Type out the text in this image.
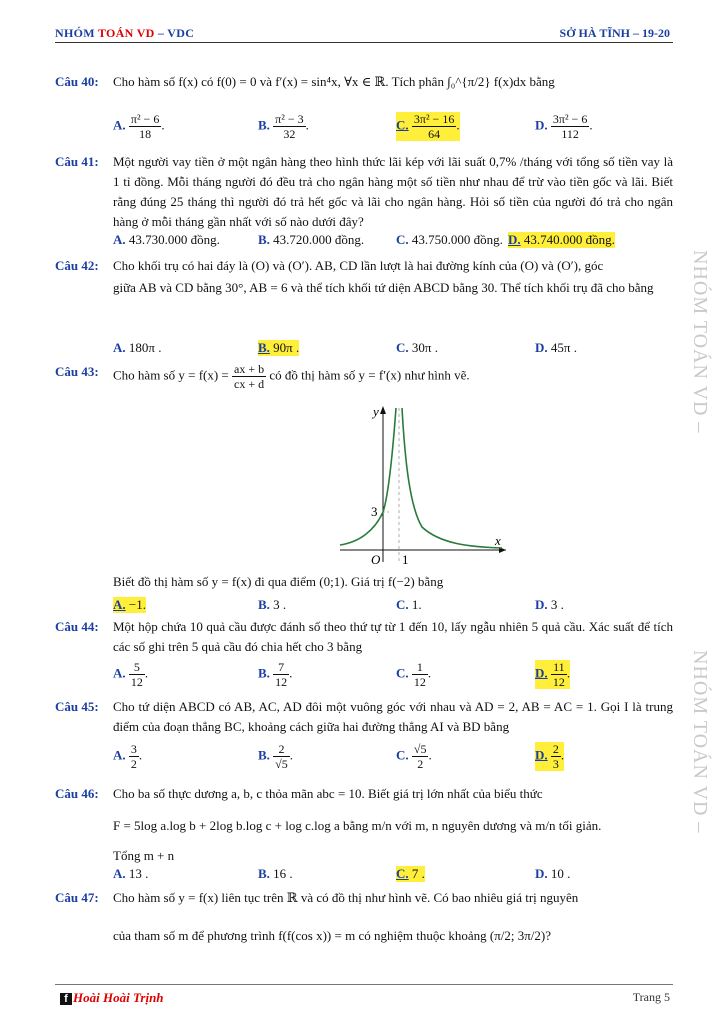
NHÓM TOÁN VD – VDC	SỞ HÀ TĨNH – 19-20
Câu 40: Cho hàm số f(x) có f(0) = 0 và f′(x) = sin⁴x, ∀x ∈ ℝ. Tích phân ∫₀^{π/2} f(x)dx bằng
A. $\frac{\text{π² − 6}}{18}$ .	B. $\frac{\text{π² − 3}}{32}$ .	C. $\frac{\text{3π² − 16}}{64}$ .	D. $\frac{\text{3π² − 6}}{112}$ .
Câu 41: Một người vay tiền ở một ngân hàng theo hình thức lãi kép với lãi suất 0,7% /tháng với tổng số tiền vay là 1 tỉ đồng. Mỗi tháng người đó đều trả cho ngân hàng một số tiền như nhau để trừ vào tiền gốc và lãi. Biết rằng đúng 25 tháng thì người đó trả hết gốc và lãi cho ngân hàng. Hỏi số tiền của người đó trả cho ngân hàng ở mỗi tháng gần nhất với số nào dưới đây?
A. 43.730.000 đồng.	B. 43.720.000 đồng. C. 43.750.000 đồng. D. 43.740.000 đồng.
Câu 42: Cho khối trụ có hai đáy là (O) và (O′). AB, CD lần lượt là hai đường kính của (O) và (O′), góc
giữa AB và CD bằng 30°, AB = 6 và thể tích khối tứ diện ABCD bằng 30. Thể tích khối trụ đã cho bằng
A. 180π .	B. 90π .	C. 30π .	D. 45π .
Câu 43: Cho hàm số $y = f(x) = \frac{ax + b}{cx + d}$ có đồ thị hàm số y = f′(x) như hình vẽ.
y
x
3
O 1
Biết đồ thị hàm số y = f(x) đi qua điểm (0;1). Giá trị f(−2) bằng
A. −1.	B. 3 .	C. 1.	D. 3 .
Câu 44: Một hộp chứa 10 quả cầu được đánh số theo thứ tự từ 1 đến 10, lấy ngẫu nhiên 5 quả cầu. Xác suất để tích các số ghi trên 5 quả cầu đó chia hết cho 3 bằng
A. $\frac{5}{12}$ .	B. $\frac{7}{12}$ .	C. $\frac{1}{12}$ .	D. $\frac{11}{12}$ .
Câu 45: Cho tứ diện ABCD có AB, AC, AD đôi một vuông góc với nhau và AD = 2, AB = AC = 1. Gọi I là trung điểm của đoạn thẳng BC, khoảng cách giữa hai đường thẳng AI và BD bằng
A. $\frac{3}{2}$ .	B. $\frac{2}{√5}$ .	C. $\frac{√5}{2}$ .	D. $\frac{2}{3}$ .
Câu 46: Cho ba số thực dương a, b, c thỏa mãn abc = 10. Biết giá trị lớn nhất của biểu thức
F = 5log a.log b + 2log b.log c + log c.log a bằng m/n với m, n nguyên dương và m/n tối giản.
Tổng m + n
A. 13 .	B. 16 .	C. 7 .	D. 10 .
Câu 47: Cho hàm số y = f(x) liên tục trên ℝ và có đồ thị như hình vẽ. Có bao nhiêu giá trị nguyên
của tham số m để phương trình f(f(cos x)) = m có nghiệm thuộc khoảng (π/2; 3π/2)?
NHÓM TOÁN VD –
NHÓM TOÁN VD –
f Hoài Hoài Trịnh	Trang 5
